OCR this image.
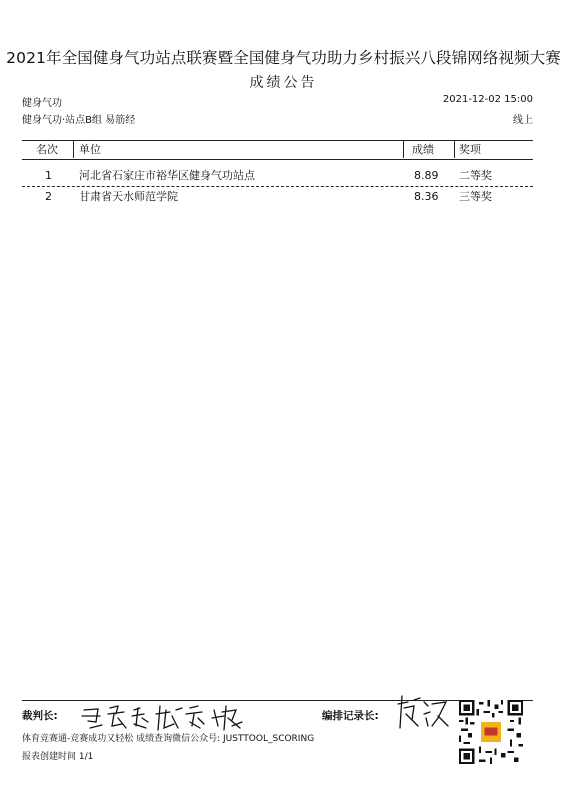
2021年全国健身气功站点联赛暨全国健身气功助力乡村振兴八段锦网络视频大赛
成绩公告
健身气功	2021-12-02 15:00
健身气功·站点B组 易筋经	线上
名次 单位	成绩 奖项
1 河北省石家庄市裕华区健身气功站点	8.89 二等奖
2 甘肃省天水师范学院	8.36 三等奖
裁判长:	编排记录长:
体育竞赛通-竞赛成功又轻松 成绩查询微信公众号: JUSTTOOL_SCORING
报表创建时间 1/1
